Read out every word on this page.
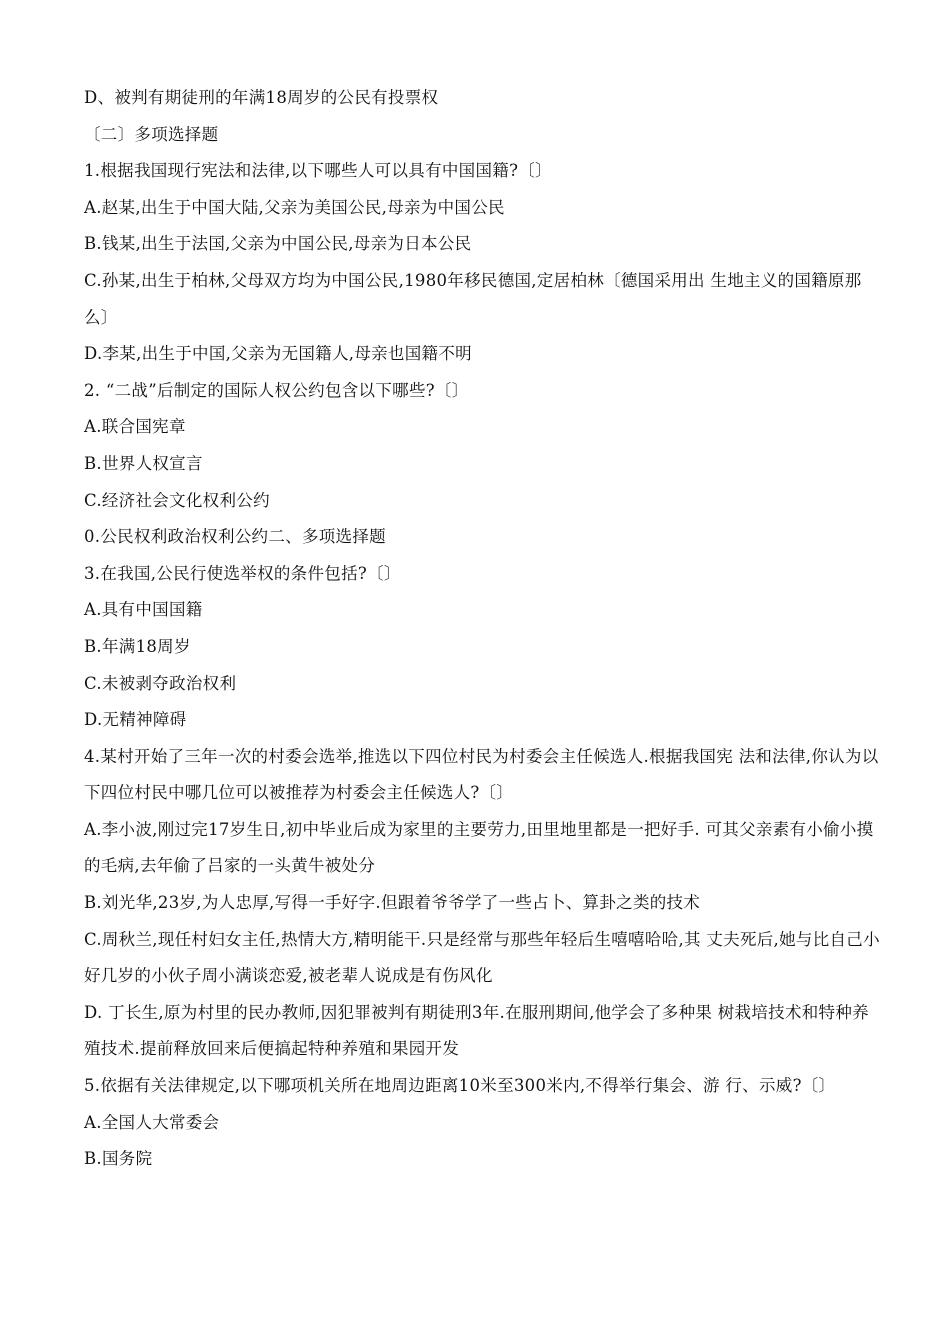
D、被判有期徒刑的年满18周岁的公民有投票权
〔二〕多项选择题
1.根据我国现行宪法和法律,以下哪些人可以具有中国国籍?〔〕
A.赵某,出生于中国大陆,父亲为美国公民,母亲为中国公民
B.钱某,出生于法国,父亲为中国公民,母亲为日本公民
C.孙某,出生于柏林,父母双方均为中国公民,1980年移民德国,定居柏林〔德国采用出 生地主义的国籍原那么〕
D.李某,出生于中国,父亲为无国籍人,母亲也国籍不明
2. “二战”后制定的国际人权公约包含以下哪些?〔〕
A.联合国宪章
B.世界人权宣言
C.经济社会文化权利公约
0.公民权利政治权利公约二、多项选择题
3.在我国,公民行使选举权的条件包括?〔〕
A.具有中国国籍
B.年满18周岁
C.未被剥夺政治权利
D.无精神障碍
4.某村开始了三年一次的村委会选举,推选以下四位村民为村委会主任候选人.根据我国宪 法和法律,你认为以下四位村民中哪几位可以被推荐为村委会主任候选人?〔〕
A.李小波,刚过完17岁生日,初中毕业后成为家里的主要劳力,田里地里都是一把好手. 可其父亲素有小偷小摸的毛病,去年偷了吕家的一头黄牛被处分
B.刘光华,23岁,为人忠厚,写得一手好字.但跟着爷爷学了一些占卜、算卦之类的技术
C.周秋兰,现任村妇女主任,热情大方,精明能干.只是经常与那些年轻后生嘻嘻哈哈,其 丈夫死后,她与比自己小好几岁的小伙子周小满谈恋爱,被老辈人说成是有伤风化
D. 丁长生,原为村里的民办教师,因犯罪被判有期徒刑3年.在服刑期间,他学会了多种果 树栽培技术和特种养殖技术.提前释放回来后便搞起特种养殖和果园开发
5.依据有关法律规定,以下哪项机关所在地周边距离10米至300米内,不得举行集会、游 行、示威?〔〕
A.全国人大常委会
B.国务院
